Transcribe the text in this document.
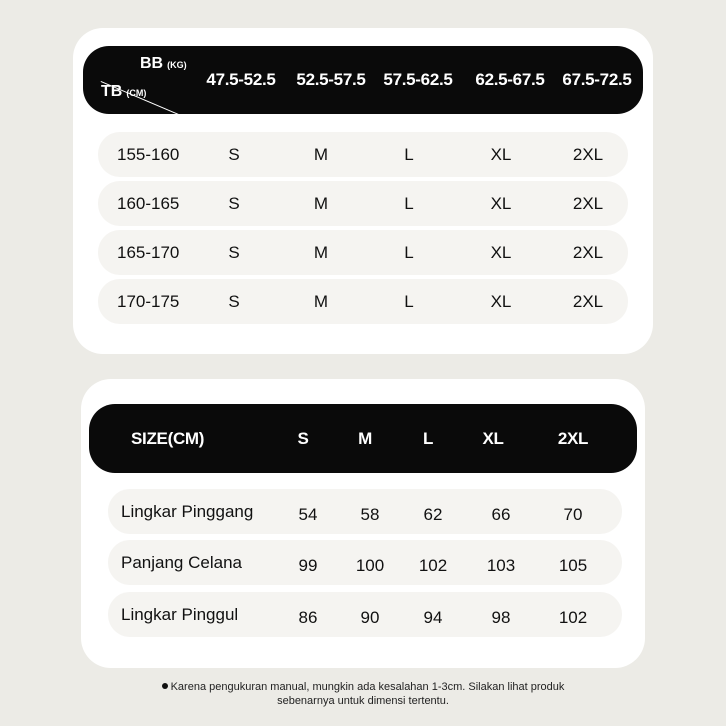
BB (KG)
TB (CM)
47.5-52.5	52.5-57.5	57.5-62.5	62.5-67.5	67.5-72.5
155-160	S	M	L	XL	2XL
160-165	S	M	L	XL	2XL
165-170	S	M	L	XL	2XL
170-175	S	M	L	XL	2XL
SIZE(CM)	S	M	L	XL	2XL
Lingkar Pinggang	54	58	62	66	70
Panjang Celana	99	100	102	103	105
Lingkar Pinggul	86	90	94	98	102
Karena pengukuran manual, mungkin ada kesalahan 1-3cm. Silakan lihat produk
sebenarnya untuk dimensi tertentu.
